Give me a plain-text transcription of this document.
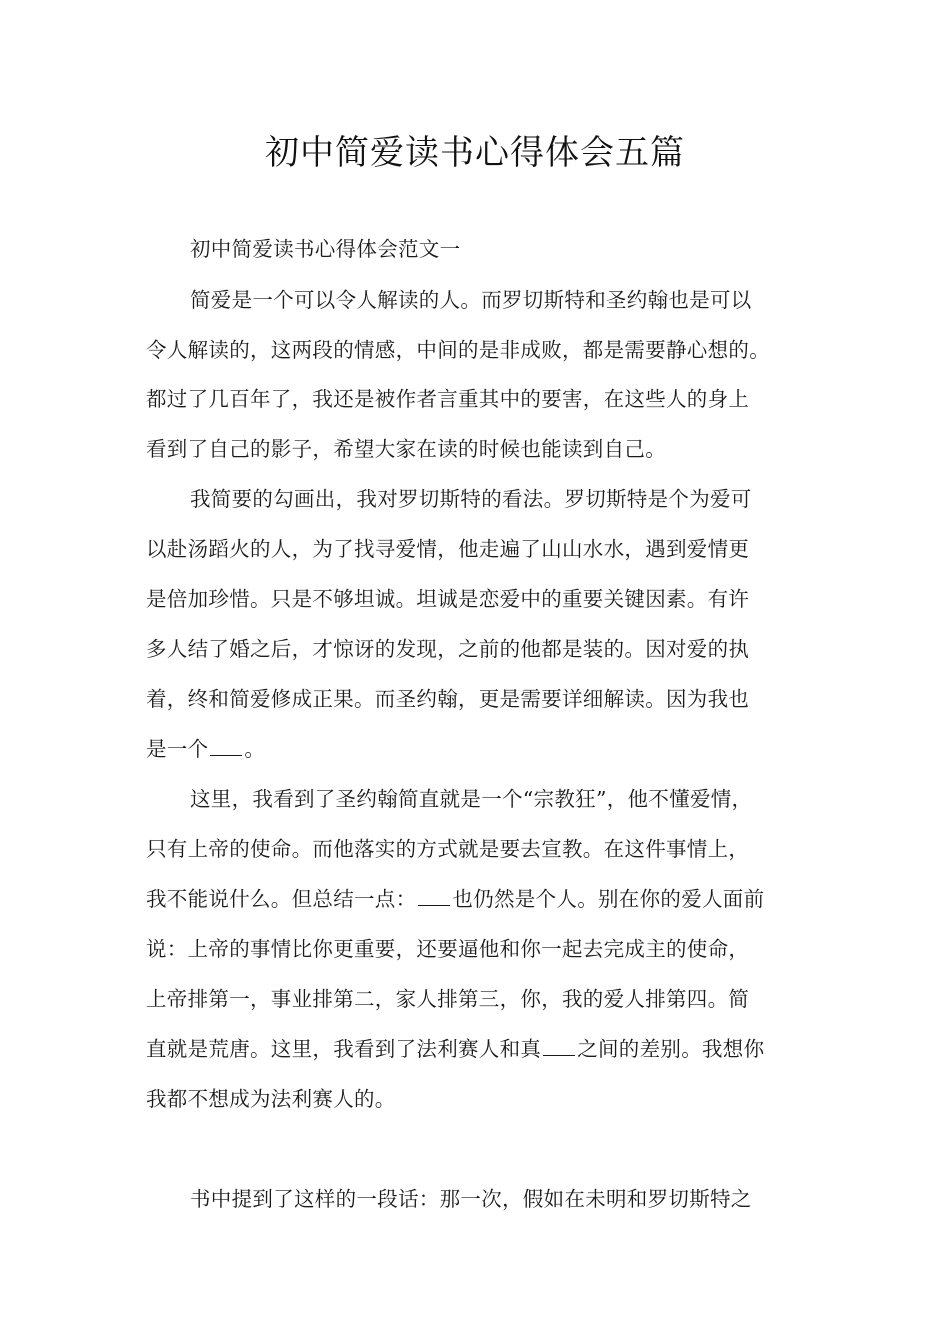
初中简爱读书心得体会五篇
初中简爱读书心得体会范文一
简爱是一个可以令人解读的人。而罗切斯特和圣约翰也是可以
令人解读的，这两段的情感，中间的是非成败，都是需要静心想的。
都过了几百年了，我还是被作者言重其中的要害，在这些人的身上
看到了自己的影子，希望大家在读的时候也能读到自己。
我简要的勾画出，我对罗切斯特的看法。罗切斯特是个为爱可
以赴汤蹈火的人，为了找寻爱情，他走遍了山山水水，遇到爱情更
是倍加珍惜。只是不够坦诚。坦诚是恋爱中的重要关键因素。有许
多人结了婚之后，才惊讶的发现，之前的他都是装的。因对爱的执
着，终和简爱修成正果。而圣约翰，更是需要详细解读。因为我也
是一个 。
这里，我看到了圣约翰简直就是一个“宗教狂”，他不懂爱情，
只有上帝的使命。而他落实的方式就是要去宣教。在这件事情上，
我不能说什么。但总结一点： 也仍然是个人。别在你的爱人面前
说：上帝的事情比你更重要，还要逼他和你一起去完成主的使命，
上帝排第一，事业排第二，家人排第三，你，我的爱人排第四。简
直就是荒唐。这里，我看到了法利赛人和真 之间的差别。我想你
我都不想成为法利赛人的。
书中提到了这样的一段话：那一次，假如在未明和罗切斯特之
